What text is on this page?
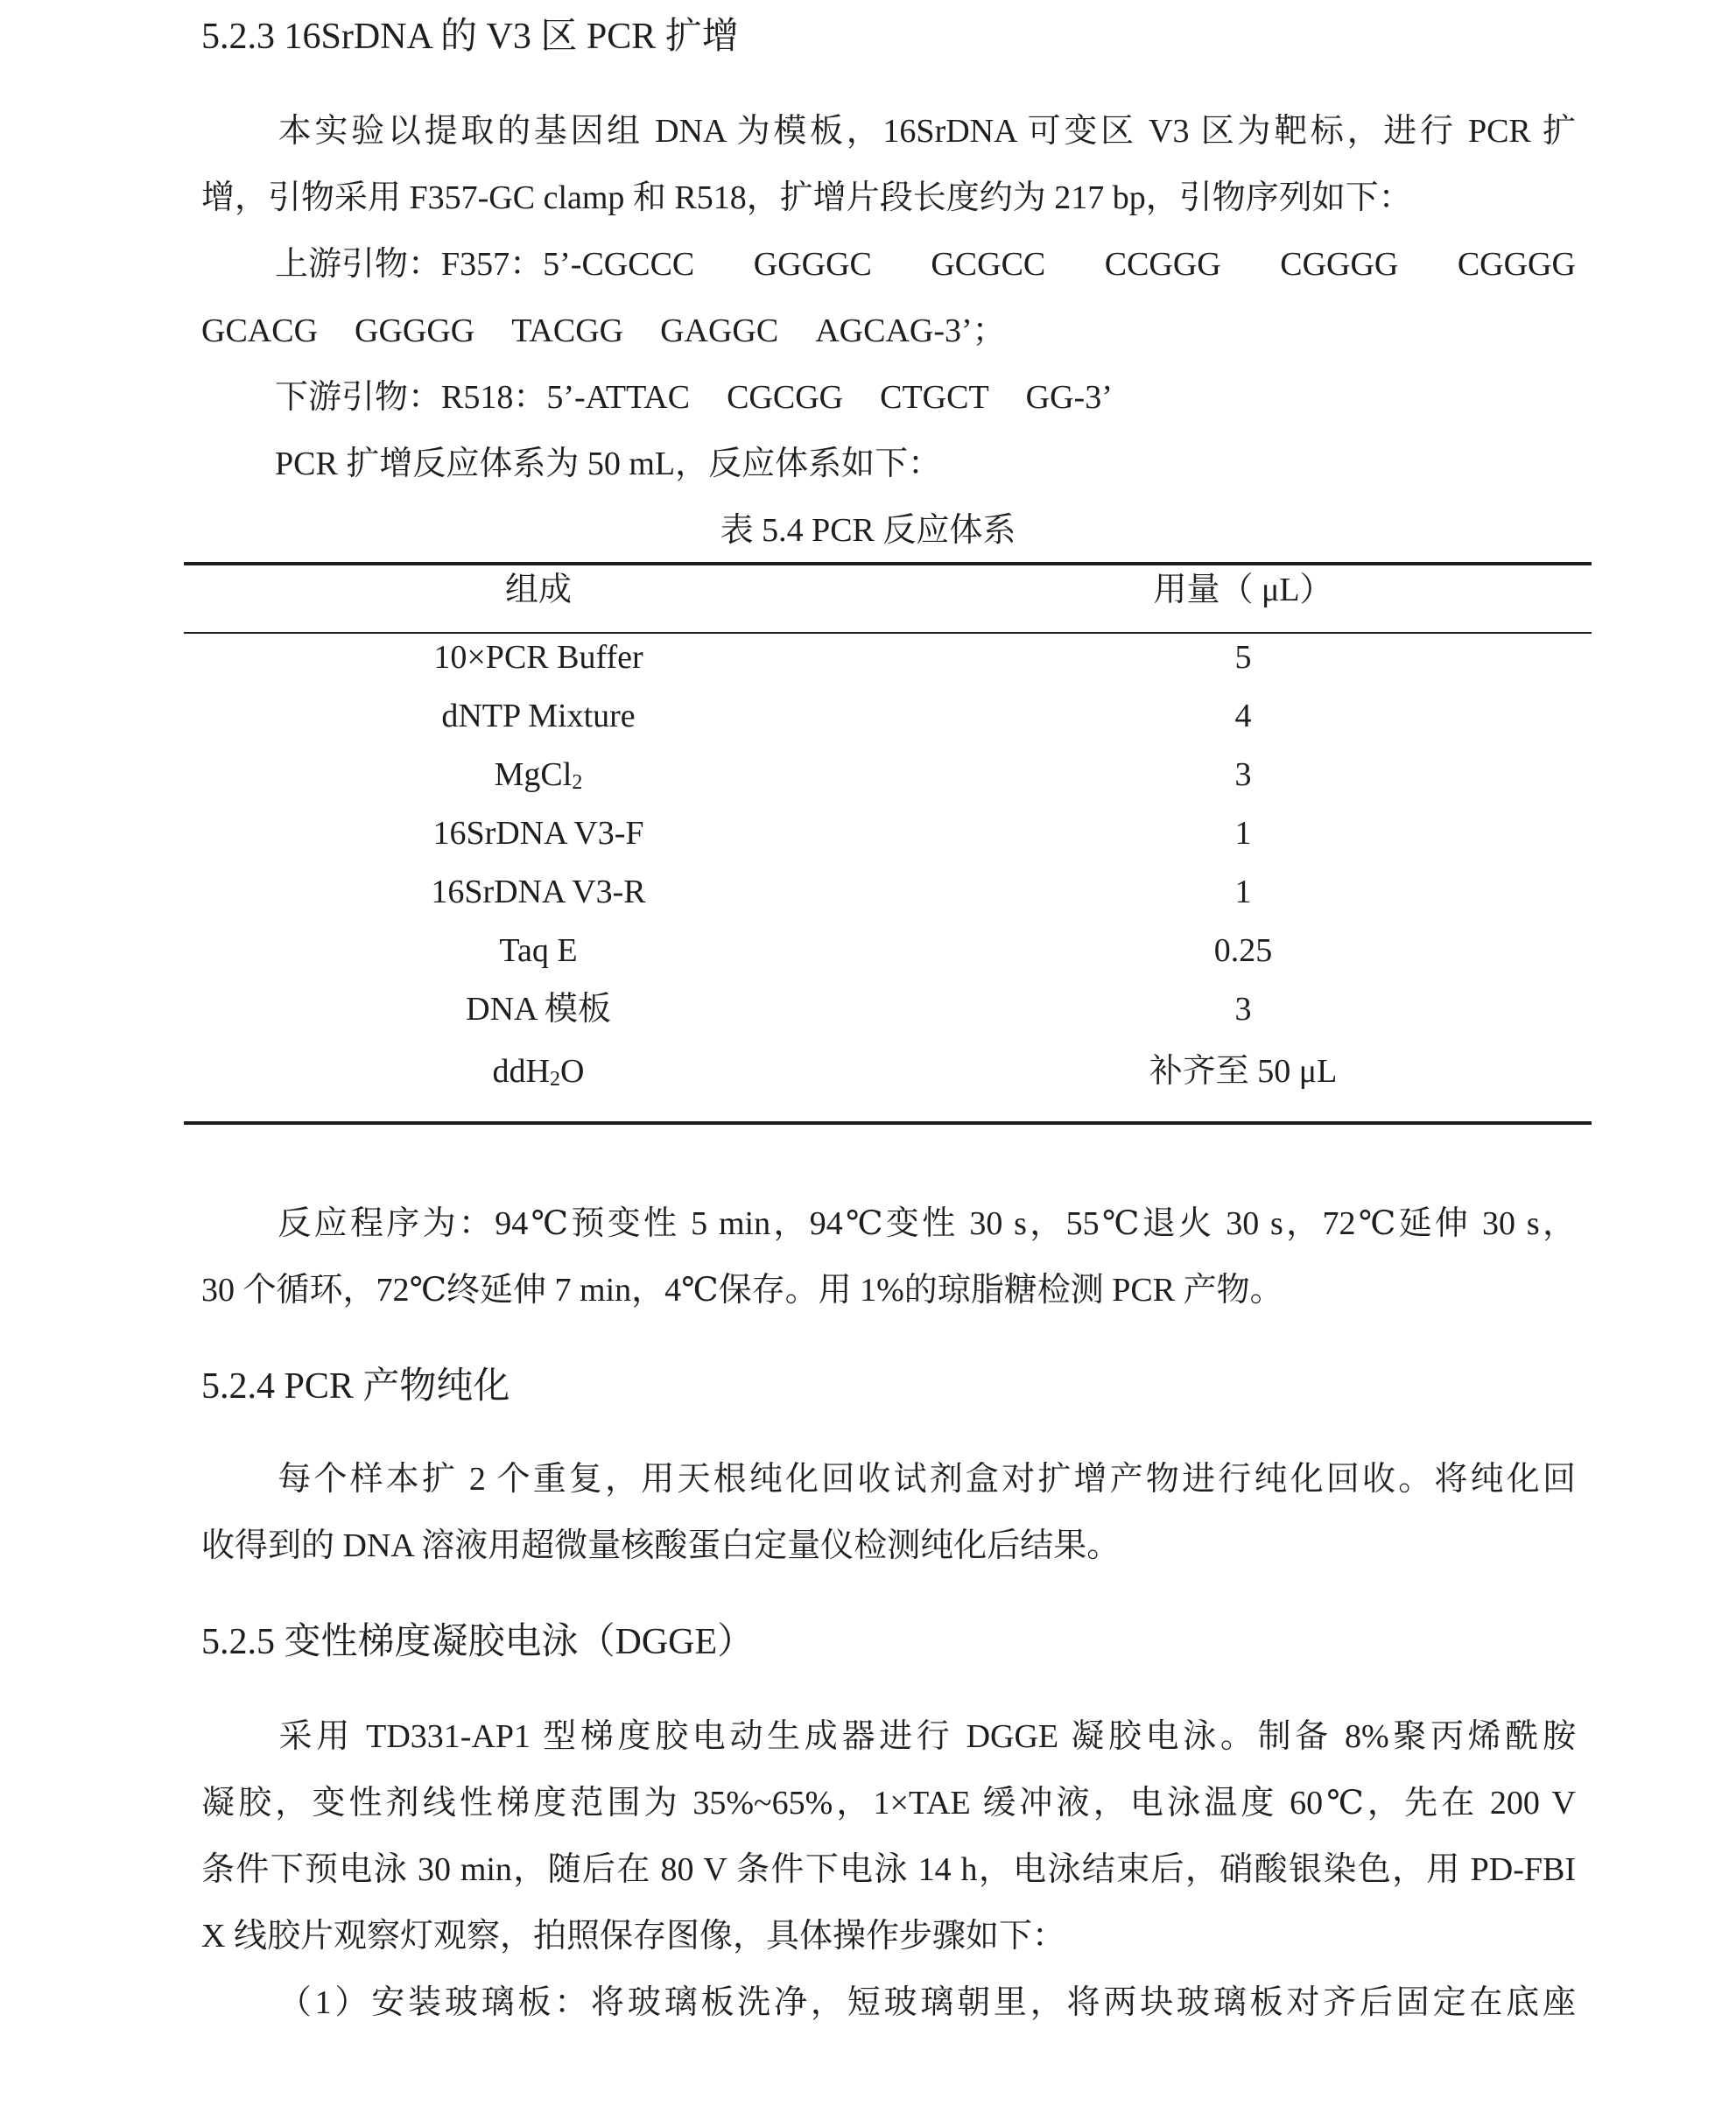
5.2.3 16SrDNA 的 V3 区 PCR 扩增
本实验以提取的基因组 DNA 为模板，16SrDNA 可变区 V3 区为靶标，进行 PCR 扩
增，引物采用 F357-GC clamp 和 R518，扩增片段长度约为 217 bp，引物序列如下：
上游引物：F357：5’-CGCCC GGGGC GCGCC CCGGG CGGGG CGGGG
GCACG GGGGG TACGG GAGGC AGCAG-3’；
下游引物：R518：5’-ATTAC CGCGG CTGCT GG-3’
PCR 扩增反应体系为 50 mL，反应体系如下：
表 5.4 PCR 反应体系
组成	用量（ μL）
10×PCR Buffer	5
dNTP Mixture	4
MgCl$_2$	3
16SrDNA V3-F	1
16SrDNA V3-R	1
Taq E	0.25
DNA 模板	3
ddH$_2$O	补齐至 50 μL
反应程序为：94℃预变性 5 min，94℃变性 30 s，55℃退火 30 s，72℃延伸 30 s，
30 个循环，72℃终延伸 7 min，4℃保存。用 1%的琼脂糖检测 PCR 产物。
5.2.4 PCR 产物纯化
每个样本扩 2 个重复，用天根纯化回收试剂盒对扩增产物进行纯化回收。将纯化回
收得到的 DNA 溶液用超微量核酸蛋白定量仪检测纯化后结果。
5.2.5 变性梯度凝胶电泳（DGGE）
采用 TD331-AP1 型梯度胶电动生成器进行 DGGE 凝胶电泳。制备 8%聚丙烯酰胺
凝胶，变性剂线性梯度范围为 35%~65%，1×TAE 缓冲液，电泳温度 60℃，先在 200 V
条件下预电泳 30 min，随后在 80 V 条件下电泳 14 h，电泳结束后，硝酸银染色，用 PD-FBI
X 线胶片观察灯观察，拍照保存图像，具体操作步骤如下：
（1）安装玻璃板：将玻璃板洗净，短玻璃朝里，将两块玻璃板对齐后固定在底座
